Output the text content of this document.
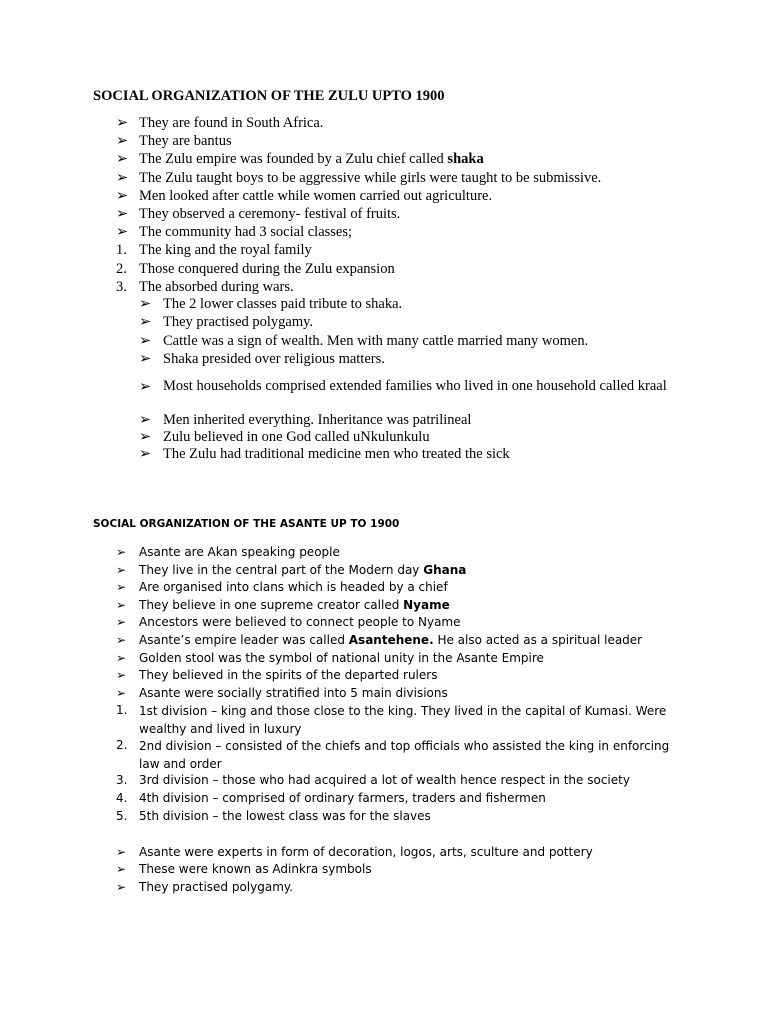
SOCIAL ORGANIZATION OF THE ZULU UPTO 1900
➢ They are found in South Africa.
➢ They are bantus
➢ The Zulu empire was founded by a Zulu chief called shaka
➢ The Zulu taught boys to be aggressive while girls were taught to be submissive.
➢ Men looked after cattle while women carried out agriculture.
➢ They observed a ceremony- festival of fruits.
➢ The community had 3 social classes;
1. The king and the royal family
2. Those conquered during the Zulu expansion
3. The absorbed during wars.
➢ The 2 lower classes paid tribute to shaka.
➢ They practised polygamy.
➢ Cattle was a sign of wealth. Men with many cattle married many women.
➢ Shaka presided over religious matters.
➢ Most households comprised extended families who lived in one household called kraal
➢ Men inherited everything. Inheritance was patrilineal
➢ Zulu believed in one God called uNkulunkulu
➢ The Zulu had traditional medicine men who treated the sick
SOCIAL ORGANIZATION OF THE ASANTE UP TO 1900
➢ Asante are Akan speaking people
➢ They live in the central part of the Modern day Ghana
➢ Are organised into clans which is headed by a chief
➢ They believe in one supreme creator called Nyame
➢ Ancestors were believed to connect people to Nyame
➢ Asante’s empire leader was called Asantehene. He also acted as a spiritual leader
➢ Golden stool was the symbol of national unity in the Asante Empire
➢ They believed in the spirits of the departed rulers
➢ Asante were socially stratified into 5 main divisions
1. 1st division – king and those close to the king. They lived in the capital of Kumasi. Were wealthy and lived in luxury
2. 2nd division – consisted of the chiefs and top officials who assisted the king in enforcing law and order
3. 3rd division – those who had acquired a lot of wealth hence respect in the society
4. 4th division – comprised of ordinary farmers, traders and fishermen
5. 5th division – the lowest class was for the slaves
➢ Asante were experts in form of decoration, logos, arts, sculture and pottery
➢ These were known as Adinkra symbols
➢ They practised polygamy.
